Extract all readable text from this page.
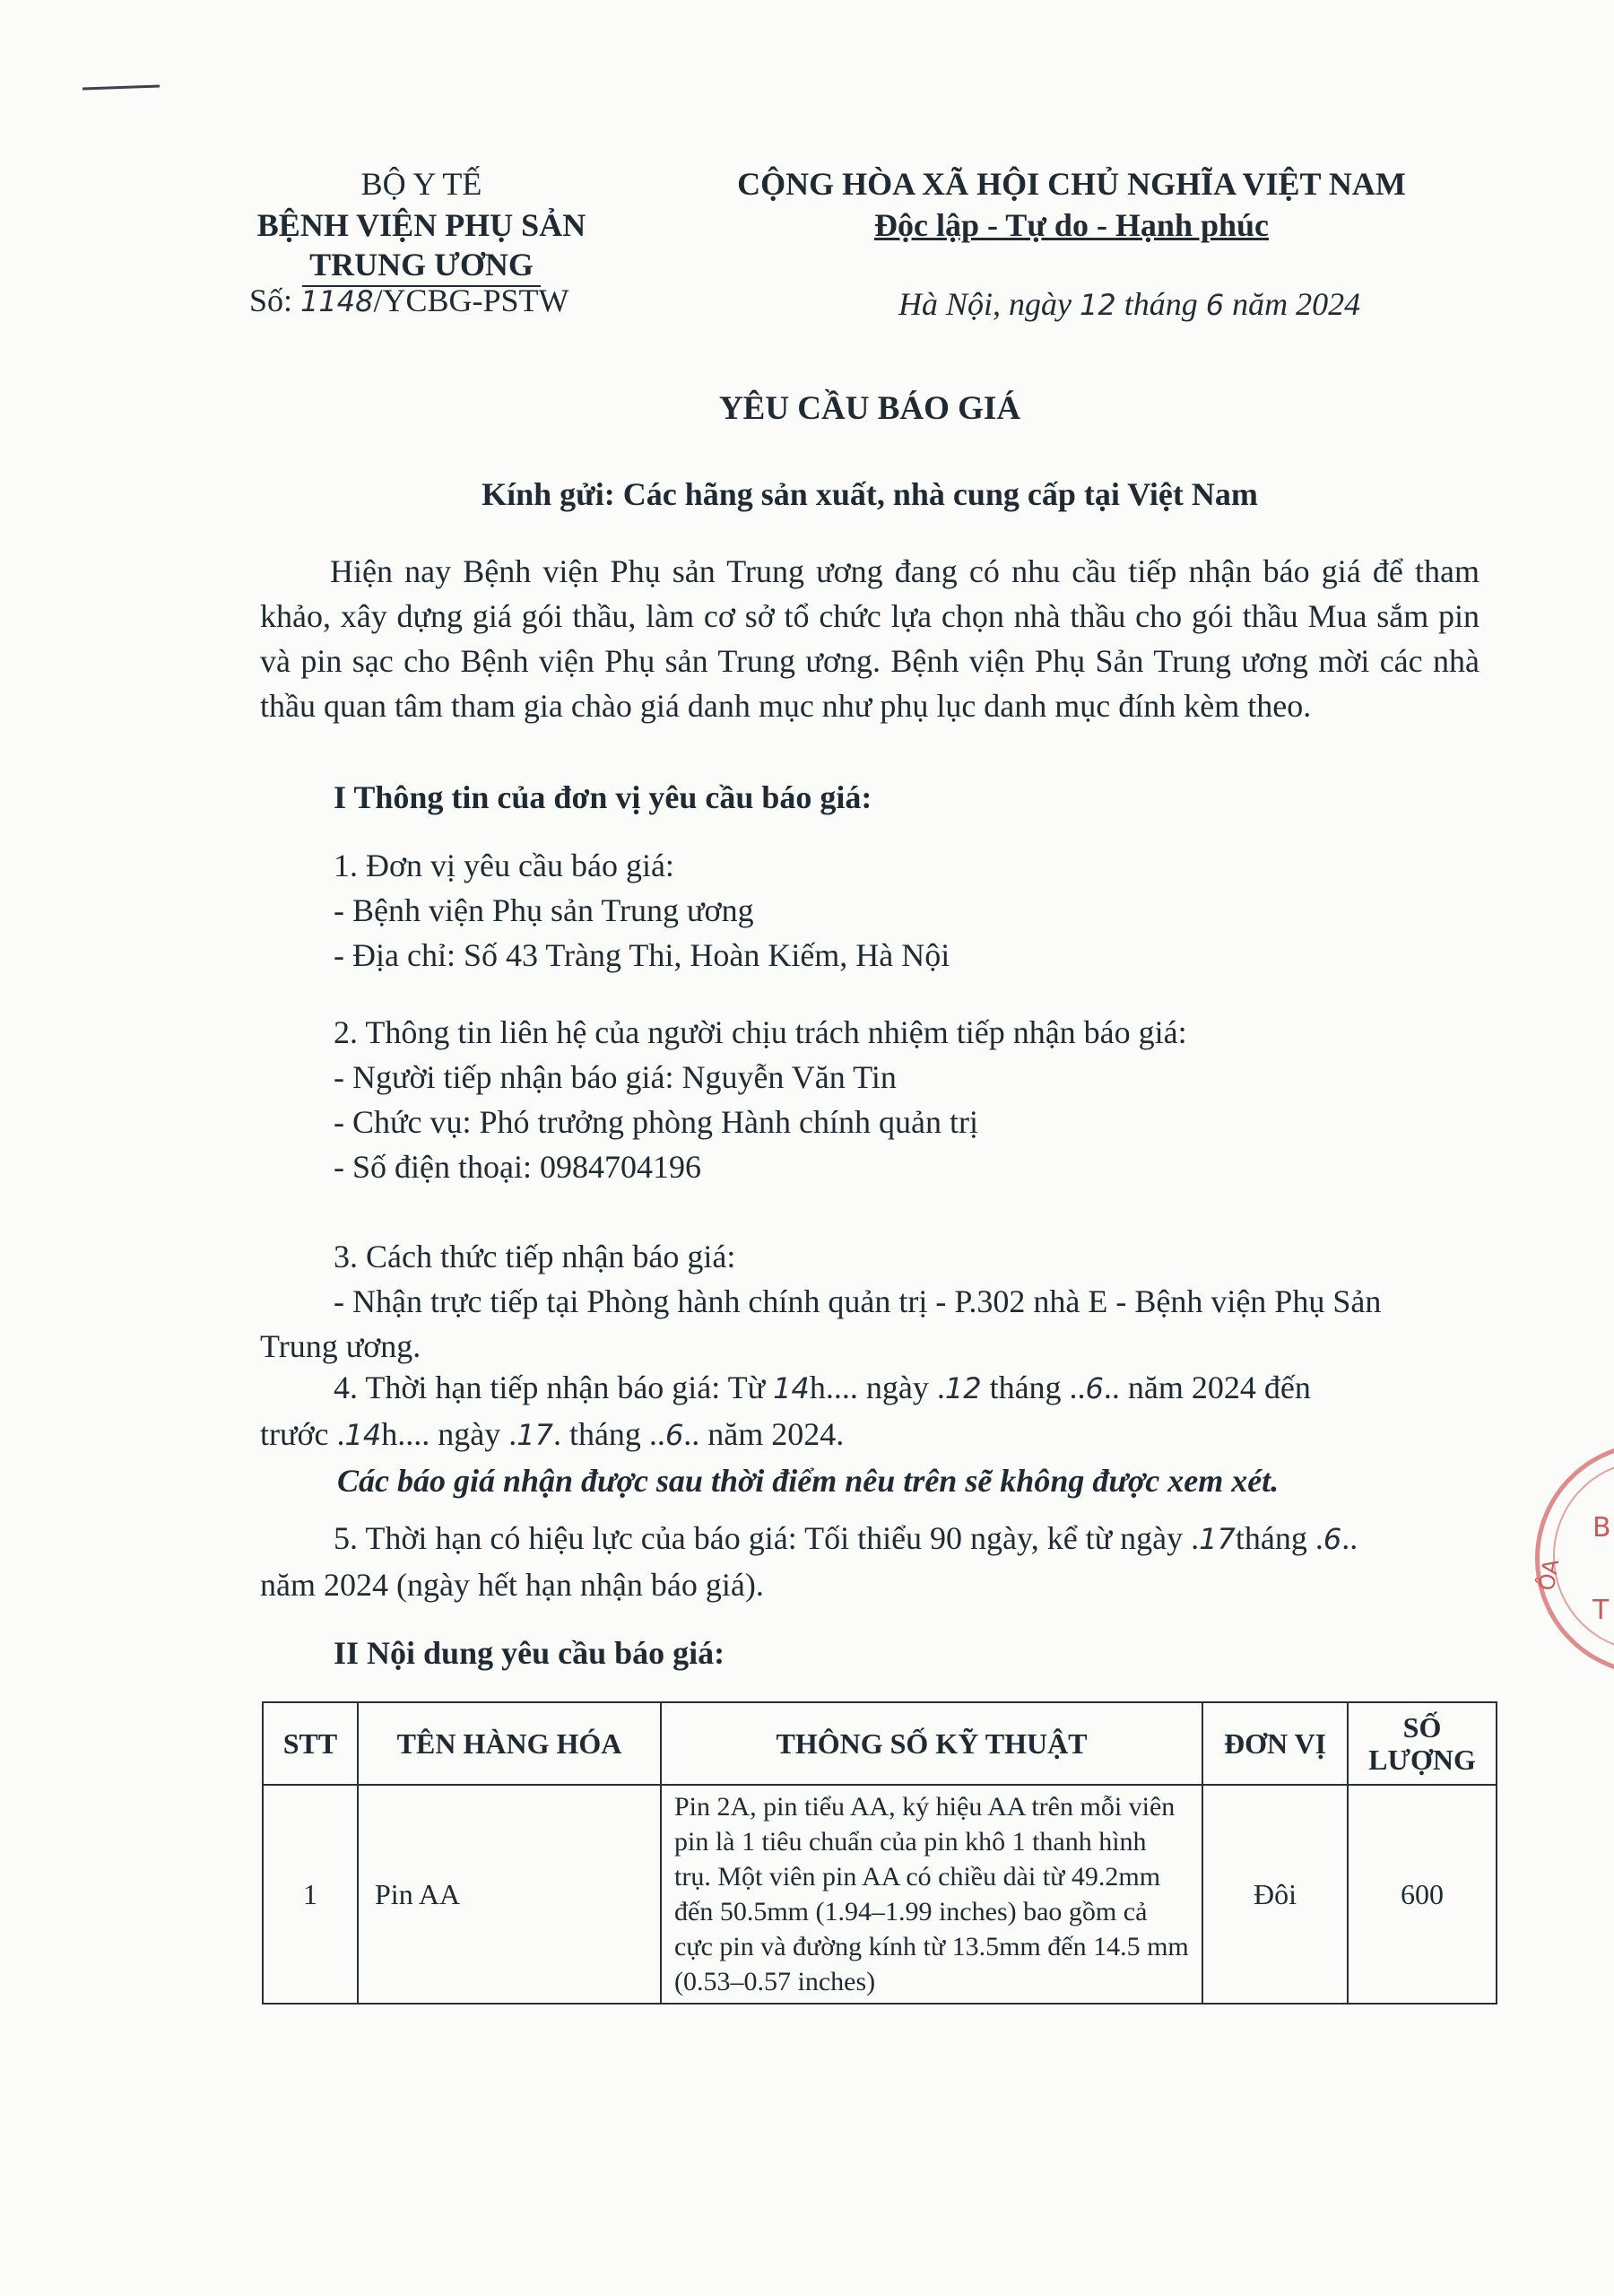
BỘ Y TẾ
BỆNH VIỆN PHỤ SẢN
TRUNG ƯƠNG
Số: 1148/YCBG-PSTW
CỘNG HÒA XÃ HỘI CHỦ NGHĨA VIỆT NAM
Độc lập - Tự do - Hạnh phúc
Hà Nội, ngày 12 tháng 6 năm 2024
YÊU CẦU BÁO GIÁ
Kính gửi: Các hãng sản xuất, nhà cung cấp tại Việt Nam
Hiện nay Bệnh viện Phụ sản Trung ương đang có nhu cầu tiếp nhận báo giá để tham khảo, xây dựng giá gói thầu, làm cơ sở tổ chức lựa chọn nhà thầu cho gói thầu Mua sắm pin và pin sạc cho Bệnh viện Phụ sản Trung ương. Bệnh viện Phụ Sản Trung ương mời các nhà thầu quan tâm tham gia chào giá danh mục như phụ lục danh mục đính kèm theo.
I Thông tin của đơn vị yêu cầu báo giá:
1. Đơn vị yêu cầu báo giá:
- Bệnh viện Phụ sản Trung ương
- Địa chỉ: Số 43 Tràng Thi, Hoàn Kiếm, Hà Nội
2. Thông tin liên hệ của người chịu trách nhiệm tiếp nhận báo giá:
- Người tiếp nhận báo giá: Nguyễn Văn Tin
- Chức vụ: Phó trưởng phòng Hành chính quản trị
- Số điện thoại: 0984704196
3. Cách thức tiếp nhận báo giá:
- Nhận trực tiếp tại Phòng hành chính quản trị - P.302 nhà E - Bệnh viện Phụ Sản
Trung ương.
4. Thời hạn tiếp nhận báo giá: Từ 14h.... ngày .12 tháng ..6.. năm 2024 đến
trước .14h.... ngày .17. tháng ..6.. năm 2024.
Các báo giá nhận được sau thời điểm nêu trên sẽ không được xem xét.
5. Thời hạn có hiệu lực của báo giá: Tối thiểu 90 ngày, kể từ ngày .17tháng .6..
năm 2024 (ngày hết hạn nhận báo giá).
II Nội dung yêu cầu báo giá:
STT	TÊN HÀNG HÓA	THÔNG SỐ KỸ THUẬT	ĐƠN VỊ	SỐ
LƯỢNG

1	Pin AA	Pin 2A, pin tiểu AA, ký hiệu AA trên mỗi viên pin là 1 tiêu chuẩn của pin khô 1 thanh hình trụ. Một viên pin AA có chiều dài từ 49.2mm đến 50.5mm (1.94–1.99 inches) bao gồm cả cực pin và đường kính từ 13.5mm đến 14.5 mm (0.53–0.57 inches)	Đôi	600
B
ÔA
T
